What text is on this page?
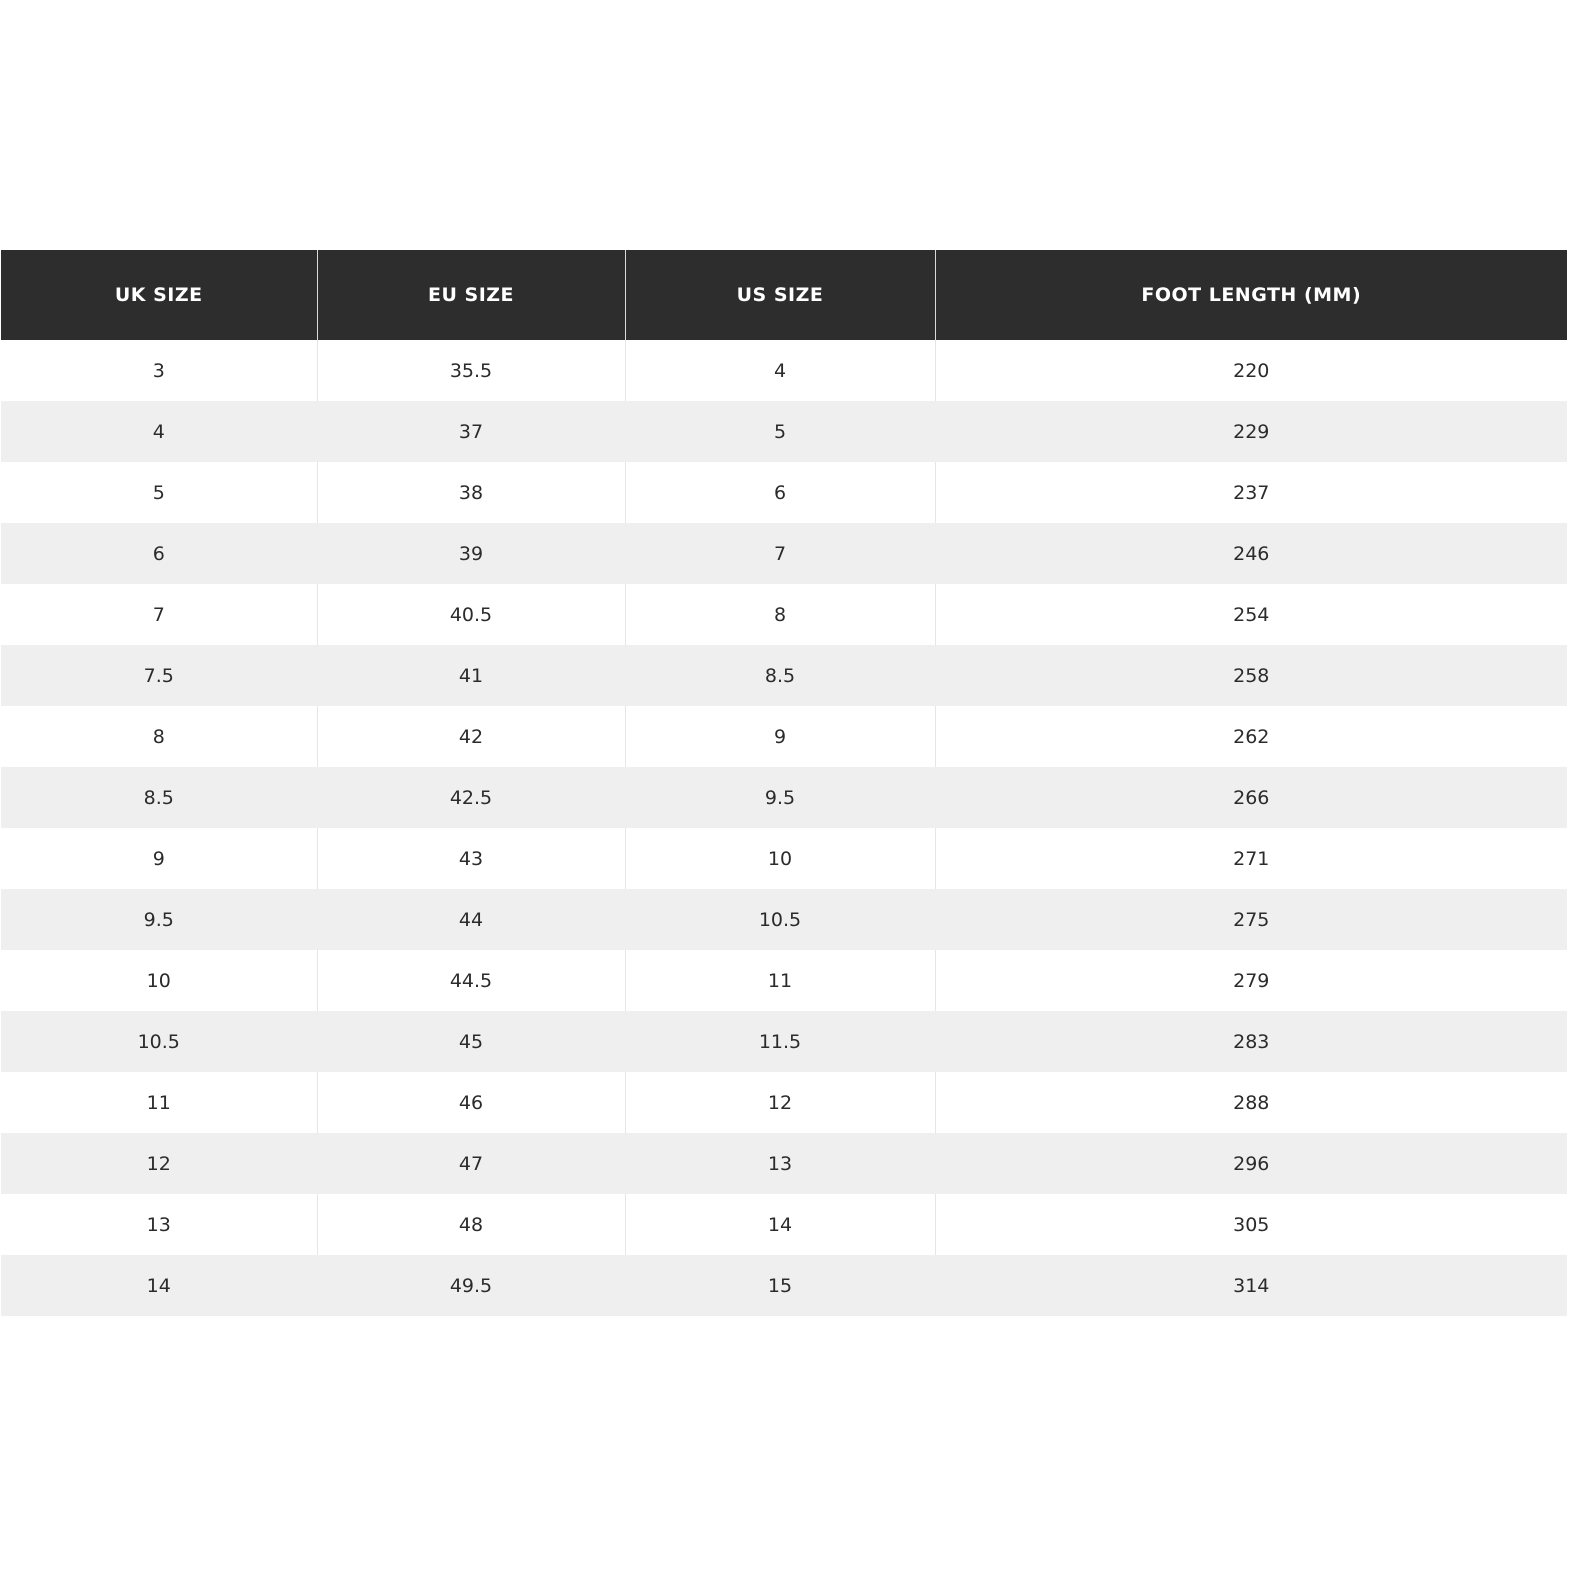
UK SIZE	EU SIZE	US SIZE	FOOT LENGTH (MM)
3	35.5	4	220
4	37	5	229
5	38	6	237
6	39	7	246
7	40.5	8	254
7.5	41	8.5	258
8	42	9	262
8.5	42.5	9.5	266
9	43	10	271
9.5	44	10.5	275
10	44.5	11	279
10.5	45	11.5	283
11	46	12	288
12	47	13	296
13	48	14	305
14	49.5	15	314
